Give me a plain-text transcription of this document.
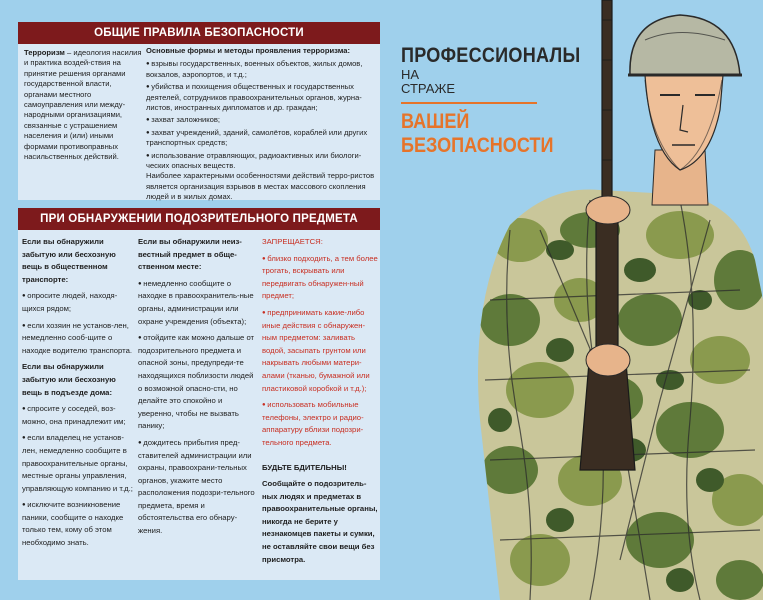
ОБЩИЕ ПРАВИЛА БЕЗОПАСНОСТИ
Терроризм – идеология насилия и практика воздей-ствия на принятие решения органами государственной власти, органами местного самоуправления или между-народными организациями, связанные с устрашением населения и (или) иными формами противоправных насильственных действий.

Основные формы и методы проявления терроризма:

● взрывы государственных, военных объектов, жилых домов, вокзалов, аэропортов, и т.д.;

● убийства и похищения общественных и государственных деятелей, сотрудников правоохранительных органов, журна-листов, иностранных дипломатов и др. граждан;

● захват заложников;

● захват учреждений, зданий, самолётов, кораблей или других транспортных средств;

● использование отравляющих, радиоактивных или биологи-ческих опасных веществ.

Наиболее характерными особенностями действий терро-ристов является организация взрывов в местах массового скопления людей и в жилых домах.

ПРИ ОБНАРУЖЕНИИ ПОДОЗРИТЕЛЬНОГО ПРЕДМЕТА

Если вы обнаружили забытую или бесхозную вещь в общественном транспорте:

● опросите людей, находя-щихся рядом;

● если хозяин не установ-лен, немедленно сооб-щите о находке водителю транспорта.

Если вы обнаружили забытую или бесхозную вещь в подъезде дома:

● спросите у соседей, воз-можно, она принадлежит им;

● если владелец не установ-лен, немедленно сообщите в правоохранительные органы, местные органы управления, управляющую компанию и т.д.;

● исключите возникновение паники, сообщите о находке только тем, кому об этом необходимо знать.

Если вы обнаружили неиз-вестный предмет в обще-ственном месте:

● немедленно сообщите о находке в правоохранитель-ные органы, администрации или охране учреждения (объекта);

● отойдите как можно дальше от подозрительного предмета и опасной зоны, предупреди-те находящихся поблизости людей о возможной опасно-сти, но делайте это спокойно и уверенно, чтобы не вызвать панику;

● дождитесь прибытия пред-ставителей администрации или охраны, правоохрани-тельных органов, укажите место расположения подозри-тельного предмета, время и обстоятельства его обнару-жения.

ЗАПРЕЩАЕТСЯ:

● близко подходить, а тем более трогать, вскрывать или передвигать обнаружен-ный предмет;

● предпринимать какие-либо иные действия с обнаружен-ным предметом: заливать водой, засыпать грунтом или накрывать любыми матери-алами (тканью, бумажной или пластиковой коробкой и т.д.);

● использовать мобильные телефоны, электро и радио-аппаратуру вблизи подозри-тельного предмета.

БУДЬТЕ БДИТЕЛЬНЫ!

Сообщайте о подозритель-ных людях и предметах в правоохранительные органы, никогда не берите у незнакомцев пакеты и сумки, не оставляйте свои вещи без присмотра.

ПРОФЕССИОНАЛЫ
НА
СТРАЖЕ
ВАШЕЙ
БЕЗОПАСНОСТИ
